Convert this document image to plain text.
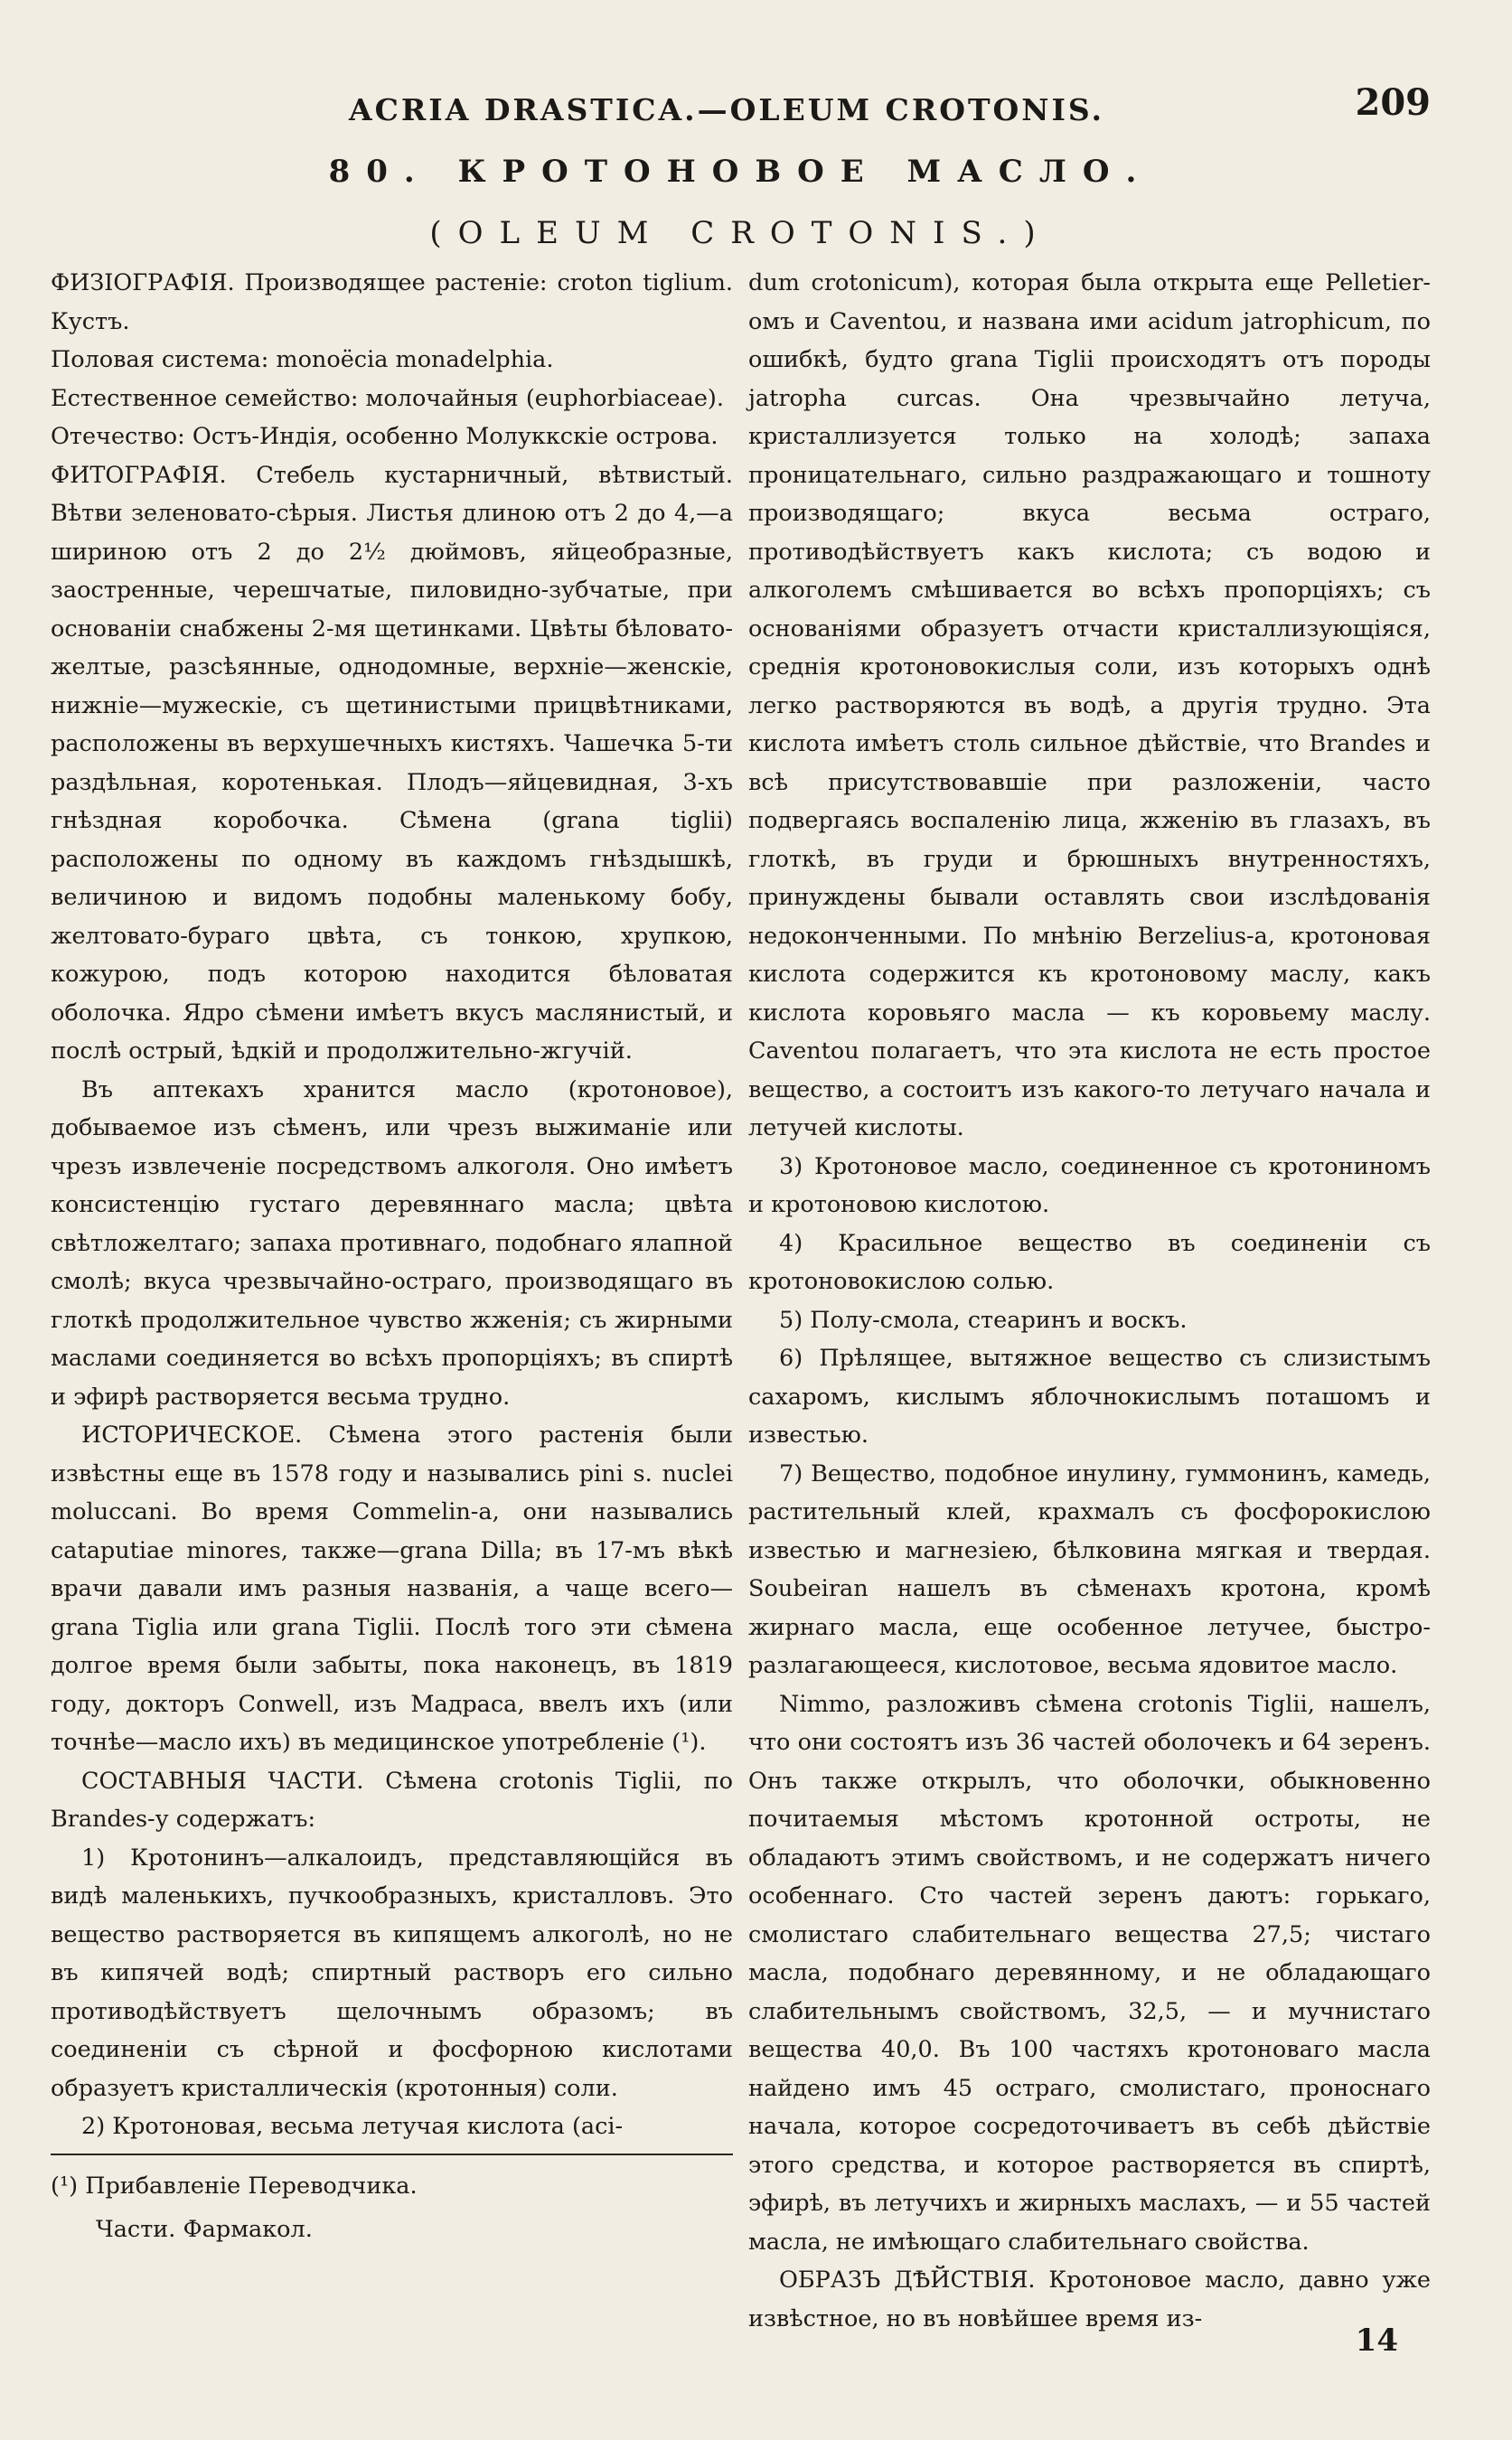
ACRIA DRASTICA.—OLEUM CROTONIS.	209
80. КРОТОНОВОЕ МАСЛО.
(OLEUM CROTONIS.)

ФИЗІОГРАФІЯ. Производящее растеніе: croton tiglium. Кустъ.

Половая система: monoёcia monadelphia.

Естественное семейство: молочайныя (euphorbiaceae).

Отечество: Остъ-Индія, особенно Молуккскіе острова.

ФИТОГРАФІЯ. Стебель кустарничный, вѣтвистый. Вѣтви зеленовато-сѣрыя. Листья длиною отъ 2 до 4,—а шириною отъ 2 до 2½ дюймовъ, яйцеобразные, заостренные, черешчатые, пиловидно-зубчатые, при основаніи снабжены 2-мя щетинками. Цвѣты бѣловато-желтые, разсѣянные, однодомные, верхніе—женскіе, нижніе—мужескіе, съ щетинистыми прицвѣтниками, расположены въ верхушечныхъ кистяхъ. Чашечка 5-ти раздѣльная, коротенькая. Плодъ—яйцевидная, 3-хъ гнѣздная коробочка. Сѣмена (grana tiglii) расположены по одному въ каждомъ гнѣздышкѣ, величиною и видомъ подобны маленькому бобу, желтовато-бураго цвѣта, съ тонкою, хрупкою, кожурою, подъ которою находится бѣловатая оболочка. Ядро сѣмени имѣетъ вкусъ маслянистый, и послѣ острый, ѣдкій и продолжительно-жгучій.

Въ аптекахъ хранится масло (кротоновое), добываемое изъ сѣменъ, или чрезъ выжиманіе или чрезъ извлеченіе посредствомъ алкоголя. Оно имѣетъ консистенцію густаго деревяннаго масла; цвѣта свѣтложелтаго; запаха противнаго, подобнаго ялапной смолѣ; вкуса чрезвычайно-остраго, производящаго въ глоткѣ продолжительное чувство жженія; съ жирными маслами соединяется во всѣхъ пропорціяхъ; въ спиртѣ и эфирѣ растворяется весьма трудно.

ИСТОРИЧЕСКОЕ. Сѣмена этого растенія были извѣстны еще въ 1578 году и назывались pini s. nuclei moluccani. Во время Commelin-а, они назывались cataputiae minores, также—grana Dilla; въ 17-мъ вѣкѣ врачи давали имъ разныя названія, а чаще всего—grana Tiglia или grana Tiglii. Послѣ того эти сѣмена долгое время были забыты, пока наконецъ, въ 1819 году, докторъ Conwell, изъ Мадраса, ввелъ ихъ (или точнѣе—масло ихъ) въ медицинское употребленіе (¹).

СОСТАВНЫЯ ЧАСТИ. Сѣмена crotonis Tiglii, по Brandes-у содержатъ:

1) Кротонинъ—алкалоидъ, представляющійся въ видѣ маленькихъ, пучкообразныхъ, кристалловъ. Это вещество растворяется въ кипящемъ алкоголѣ, но не въ кипячей водѣ; спиртный растворъ его сильно противодѣйствуетъ щелочнымъ образомъ; въ соединеніи съ сѣрной и фосфорною кислотами образуетъ кристаллическія (кротонныя) соли.

2) Кротоновая, весьма летучая кислота (aci-

(¹) Прибавленіе Переводчика.

Части. Фармакол.

dum crotonicum), которая была открыта еще Pelletier-омъ и Caventou, и названа ими acidum jatrophicum, по ошибкѣ, будто grana Tiglii происходятъ отъ породы jatropha curcas. Она чрезвычайно летуча, кристаллизуется только на холодѣ; запаха проницательнаго, сильно раздражающаго и тошноту производящаго; вкуса весьма остраго, противодѣйствуетъ какъ кислота; съ водою и алкоголемъ смѣшивается во всѣхъ пропорціяхъ; съ основаніями образуетъ отчасти кристаллизующіяся, среднія кротоновокислыя соли, изъ которыхъ однѣ легко растворяются въ водѣ, а другія трудно. Эта кислота имѣетъ столь сильное дѣйствіе, что Brandes и всѣ присутствовавшіе при разложеніи, часто подвергаясь воспаленію лица, жженію въ глазахъ, въ глоткѣ, въ груди и брюшныхъ внутренностяхъ, принуждены бывали оставлять свои изслѣдованія недоконченными. По мнѣнію Berzelius-а, кротоновая кислота содержится къ кротоновому маслу, какъ кислота коровьяго масла — къ коровьему маслу. Caventou полагаетъ, что эта кислота не есть простое вещество, а состоитъ изъ какого-то летучаго начала и летучей кислоты.

3) Кротоновое масло, соединенное съ кротониномъ и кротоновою кислотою.

4) Красильное вещество въ соединеніи съ кротоновокислою солью.

5) Полу-смола, стеаринъ и воскъ.

6) Прѣлящее, вытяжное вещество съ слизистымъ сахаромъ, кислымъ яблочнокислымъ поташомъ и известью.

7) Вещество, подобное инулину, гуммонинъ, камедь, растительный клей, крахмалъ съ фосфорокислою известью и магнезіею, бѣлковина мягкая и твердая. Soubeiran нашелъ въ сѣменахъ кротона, кромѣ жирнаго масла, еще особенное летучее, быстро-разлагающееся, кислотовое, весьма ядовитое масло.

Nimmo, разложивъ сѣмена crotonis Tiglii, нашелъ, что они состоятъ изъ 36 частей оболочекъ и 64 зеренъ. Онъ также открылъ, что оболочки, обыкновенно почитаемыя мѣстомъ кротонной остроты, не обладаютъ этимъ свойствомъ, и не содержатъ ничего особеннаго. Сто частей зеренъ даютъ: горькаго, смолистаго слабительнаго вещества 27,5; чистаго масла, подобнаго деревянному, и не обладающаго слабительнымъ свойствомъ, 32,5, — и мучнистаго вещества 40,0. Въ 100 частяхъ кротоноваго масла найдено имъ 45 остраго, смолистаго, проноснаго начала, которое сосредоточиваетъ въ себѣ дѣйствіе этого средства, и которое растворяется въ спиртѣ, эфирѣ, въ летучихъ и жирныхъ маслахъ, — и 55 частей масла, не имѣющаго слабительнаго свойства.

ОБРАЗЪ ДѢЙСТВІЯ. Кротоновое масло, давно уже извѣстное, но въ новѣйшее время из-

14
